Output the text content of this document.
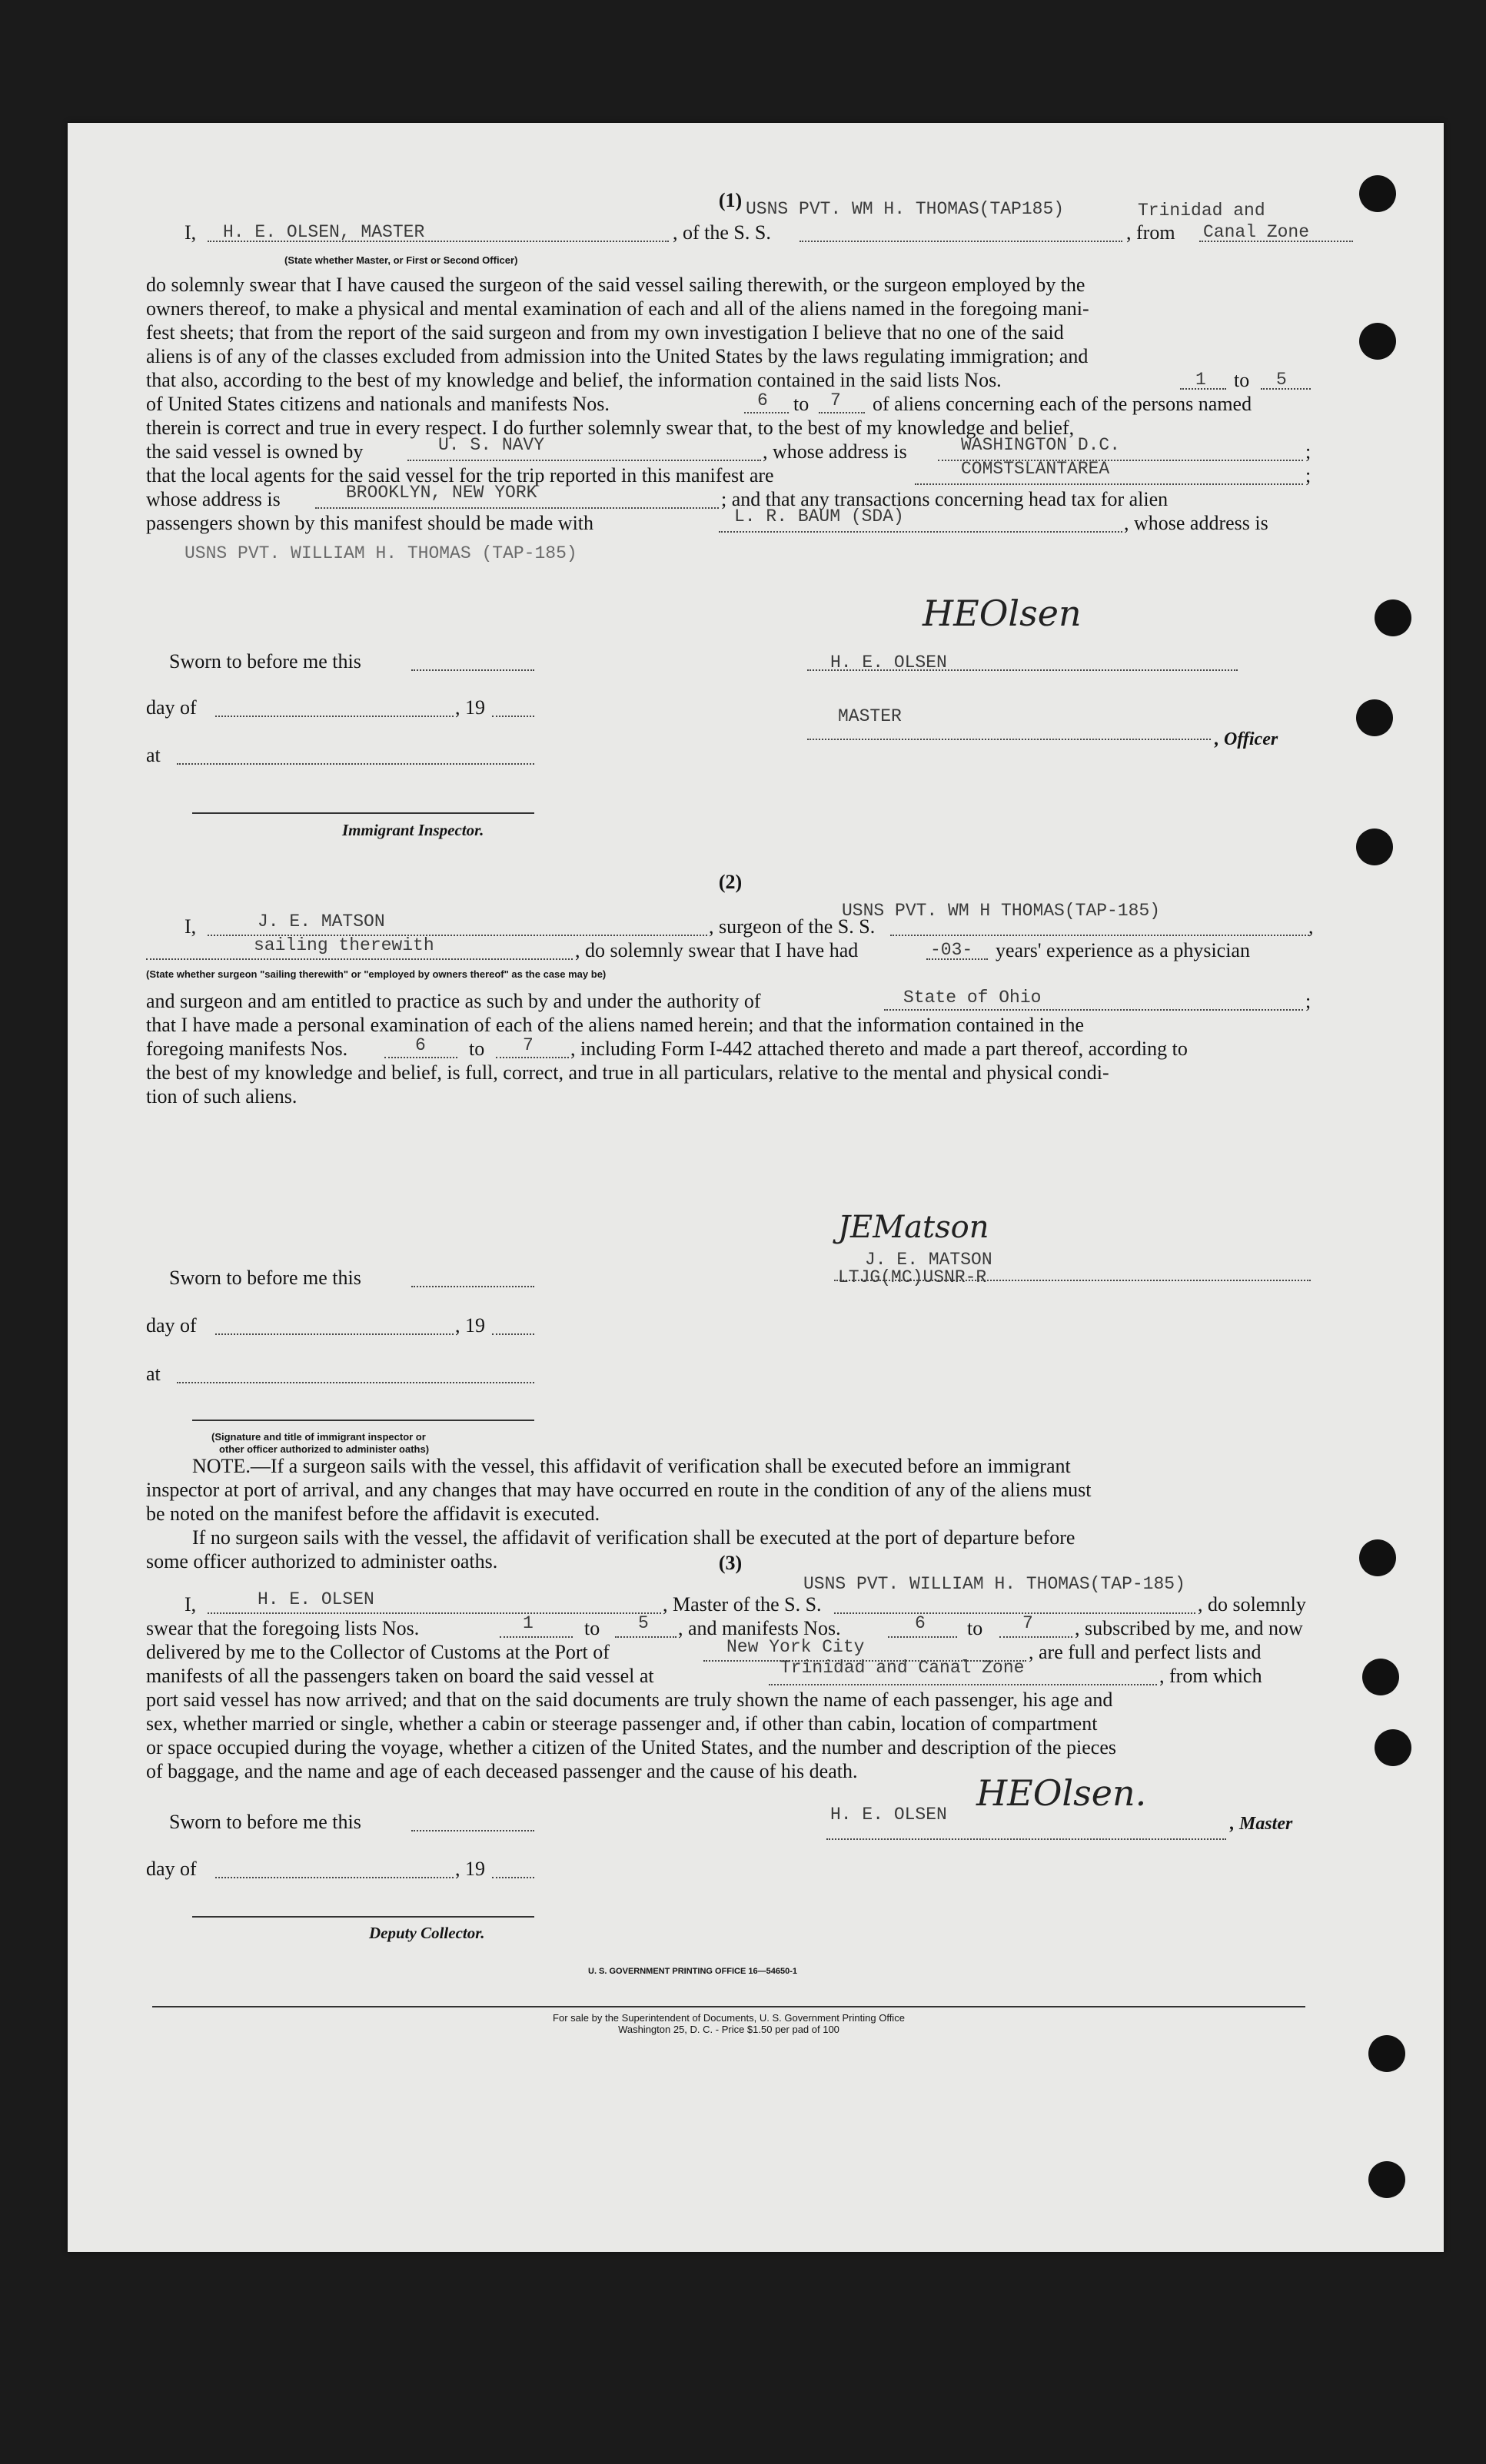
(1) USNS PVT. WM H. THOMAS(TAP185)	Trinidad and
I, H. E. OLSEN, MASTER	, of the S. S.	, from Canal Zone
(State whether Master, or First or Second Officer)
do solemnly swear that I have caused the surgeon of the said vessel sailing therewith, or the surgeon employed by the
owners thereof, to make a physical and mental examination of each and all of the aliens named in the foregoing mani-
fest sheets; that from the report of the said surgeon and from my own investigation I believe that no one of the said
aliens is of any of the classes excluded from admission into the United States by the laws regulating immigration; and
that also, according to the best of my knowledge and belief, the information contained in the said lists Nos.	1 to 5
of United States citizens and nationals and manifests Nos.	6 to 7 of aliens concerning each of the persons named
therein is correct and true in every respect. I do further solemnly swear that, to the best of my knowledge and belief,
the said vessel is owned by	U. S. NAVY	, whose address is	WASHINGTON D.C.	;
that the local agents for the said vessel for the trip reported in this manifest are	COMSTSLANTAREA	;
whose address is	BROOKLYN, NEW YORK	; and that any transactions concerning head tax for alien
passengers shown by this manifest should be made with	L. R. BAUM (SDA)	, whose address is
USNS PVT. WILLIAM H. THOMAS (TAP-185)
Sworn to before me this
day of	, 19
at
Immigrant Inspector.
HEOlsen
H. E. OLSEN
MASTER
, Officer
(2)
USNS PVT. WM H THOMAS(TAP-185)
I,	J. E. MATSON	, surgeon of the S. S.	,
sailing therewith	, do solemnly swear that I have had	-03- years' experience as a physician
(State whether surgeon "sailing therewith" or "employed by owners thereof" as the case may be)
and surgeon and am entitled to practice as such by and under the authority of	State of Ohio	;
that I have made a personal examination of each of the aliens named herein; and that the information contained in the
foregoing manifests Nos.	6 to 7 , including Form I-442 attached thereto and made a part thereof, according to
the best of my knowledge and belief, is full, correct, and true in all particulars, relative to the mental and physical condi-
tion of such aliens.
Sworn to before me this
day of	, 19
at
(Signature and title of immigrant inspector or
other officer authorized to administer oaths)
JEMatson
J. E. MATSON
LTJG(MC)USNR-R
NOTE.—If a surgeon sails with the vessel, this affidavit of verification shall be executed before an immigrant
inspector at port of arrival, and any changes that may have occurred en route in the condition of any of the aliens must
be noted on the manifest before the affidavit is executed.
If no surgeon sails with the vessel, the affidavit of verification shall be executed at the port of departure before
some officer authorized to administer oaths.	(3)
USNS PVT. WILLIAM H. THOMAS(TAP-185)
I,	H. E. OLSEN	, Master of the S. S.	, do solemnly
swear that the foregoing lists Nos.	1	to 5 , and manifests Nos.	6 to 7 , subscribed by me, and now
delivered by me to the Collector of Customs at the Port of	New York City	, are full and perfect lists and
manifests of all the passengers taken on board the said vessel at	Trinidad and Canal Zone	, from which
port said vessel has now arrived; and that on the said documents are truly shown the name of each passenger, his age and
sex, whether married or single, whether a cabin or steerage passenger and, if other than cabin, location of compartment
or space occupied during the voyage, whether a citizen of the United States, and the number and description of the pieces
of baggage, and the name and age of each deceased passenger and the cause of his death.
Sworn to before me this
day of	, 19
Deputy Collector.
H. E. OLSEN
HEOlsen.
, Master
U. S. GOVERNMENT PRINTING OFFICE 16—54650-1
For sale by the Superintendent of Documents, U. S. Government Printing Office
Washington 25, D. C. - Price $1.50 per pad of 100
